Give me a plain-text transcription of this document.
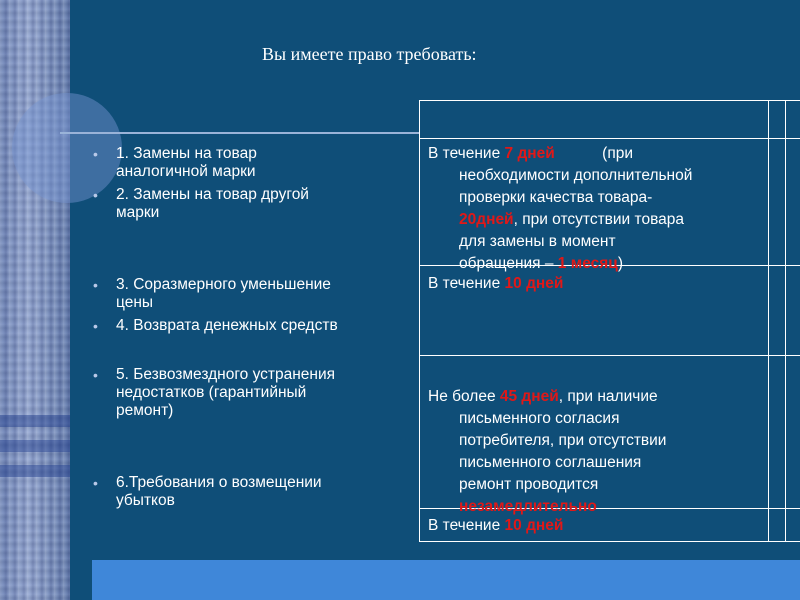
Вы имеете право требовать:
• 1. Замены на товар
аналогичной марки
• 2. Замены на товар другой
марки
• 3. Соразмерного уменьшение
цены
• 4. Возврата денежных средств
• 5. Безвозмездного устранения
недостатков (гарантийный
ремонт)
• 6.Требования о возмещении
убытков
В течение 7 дней           (при
необходимости дополнительной
проверки качества товара-
20дней, при отсутствии товара
для замены в момент
обращения – 1 месяц)
В течение 10 дней
Не более 45 дней, при наличие
письменного согласия
потребителя, при отсутствии
письменного соглашения
ремонт проводится
незамедлительно
В течение 10 дней
